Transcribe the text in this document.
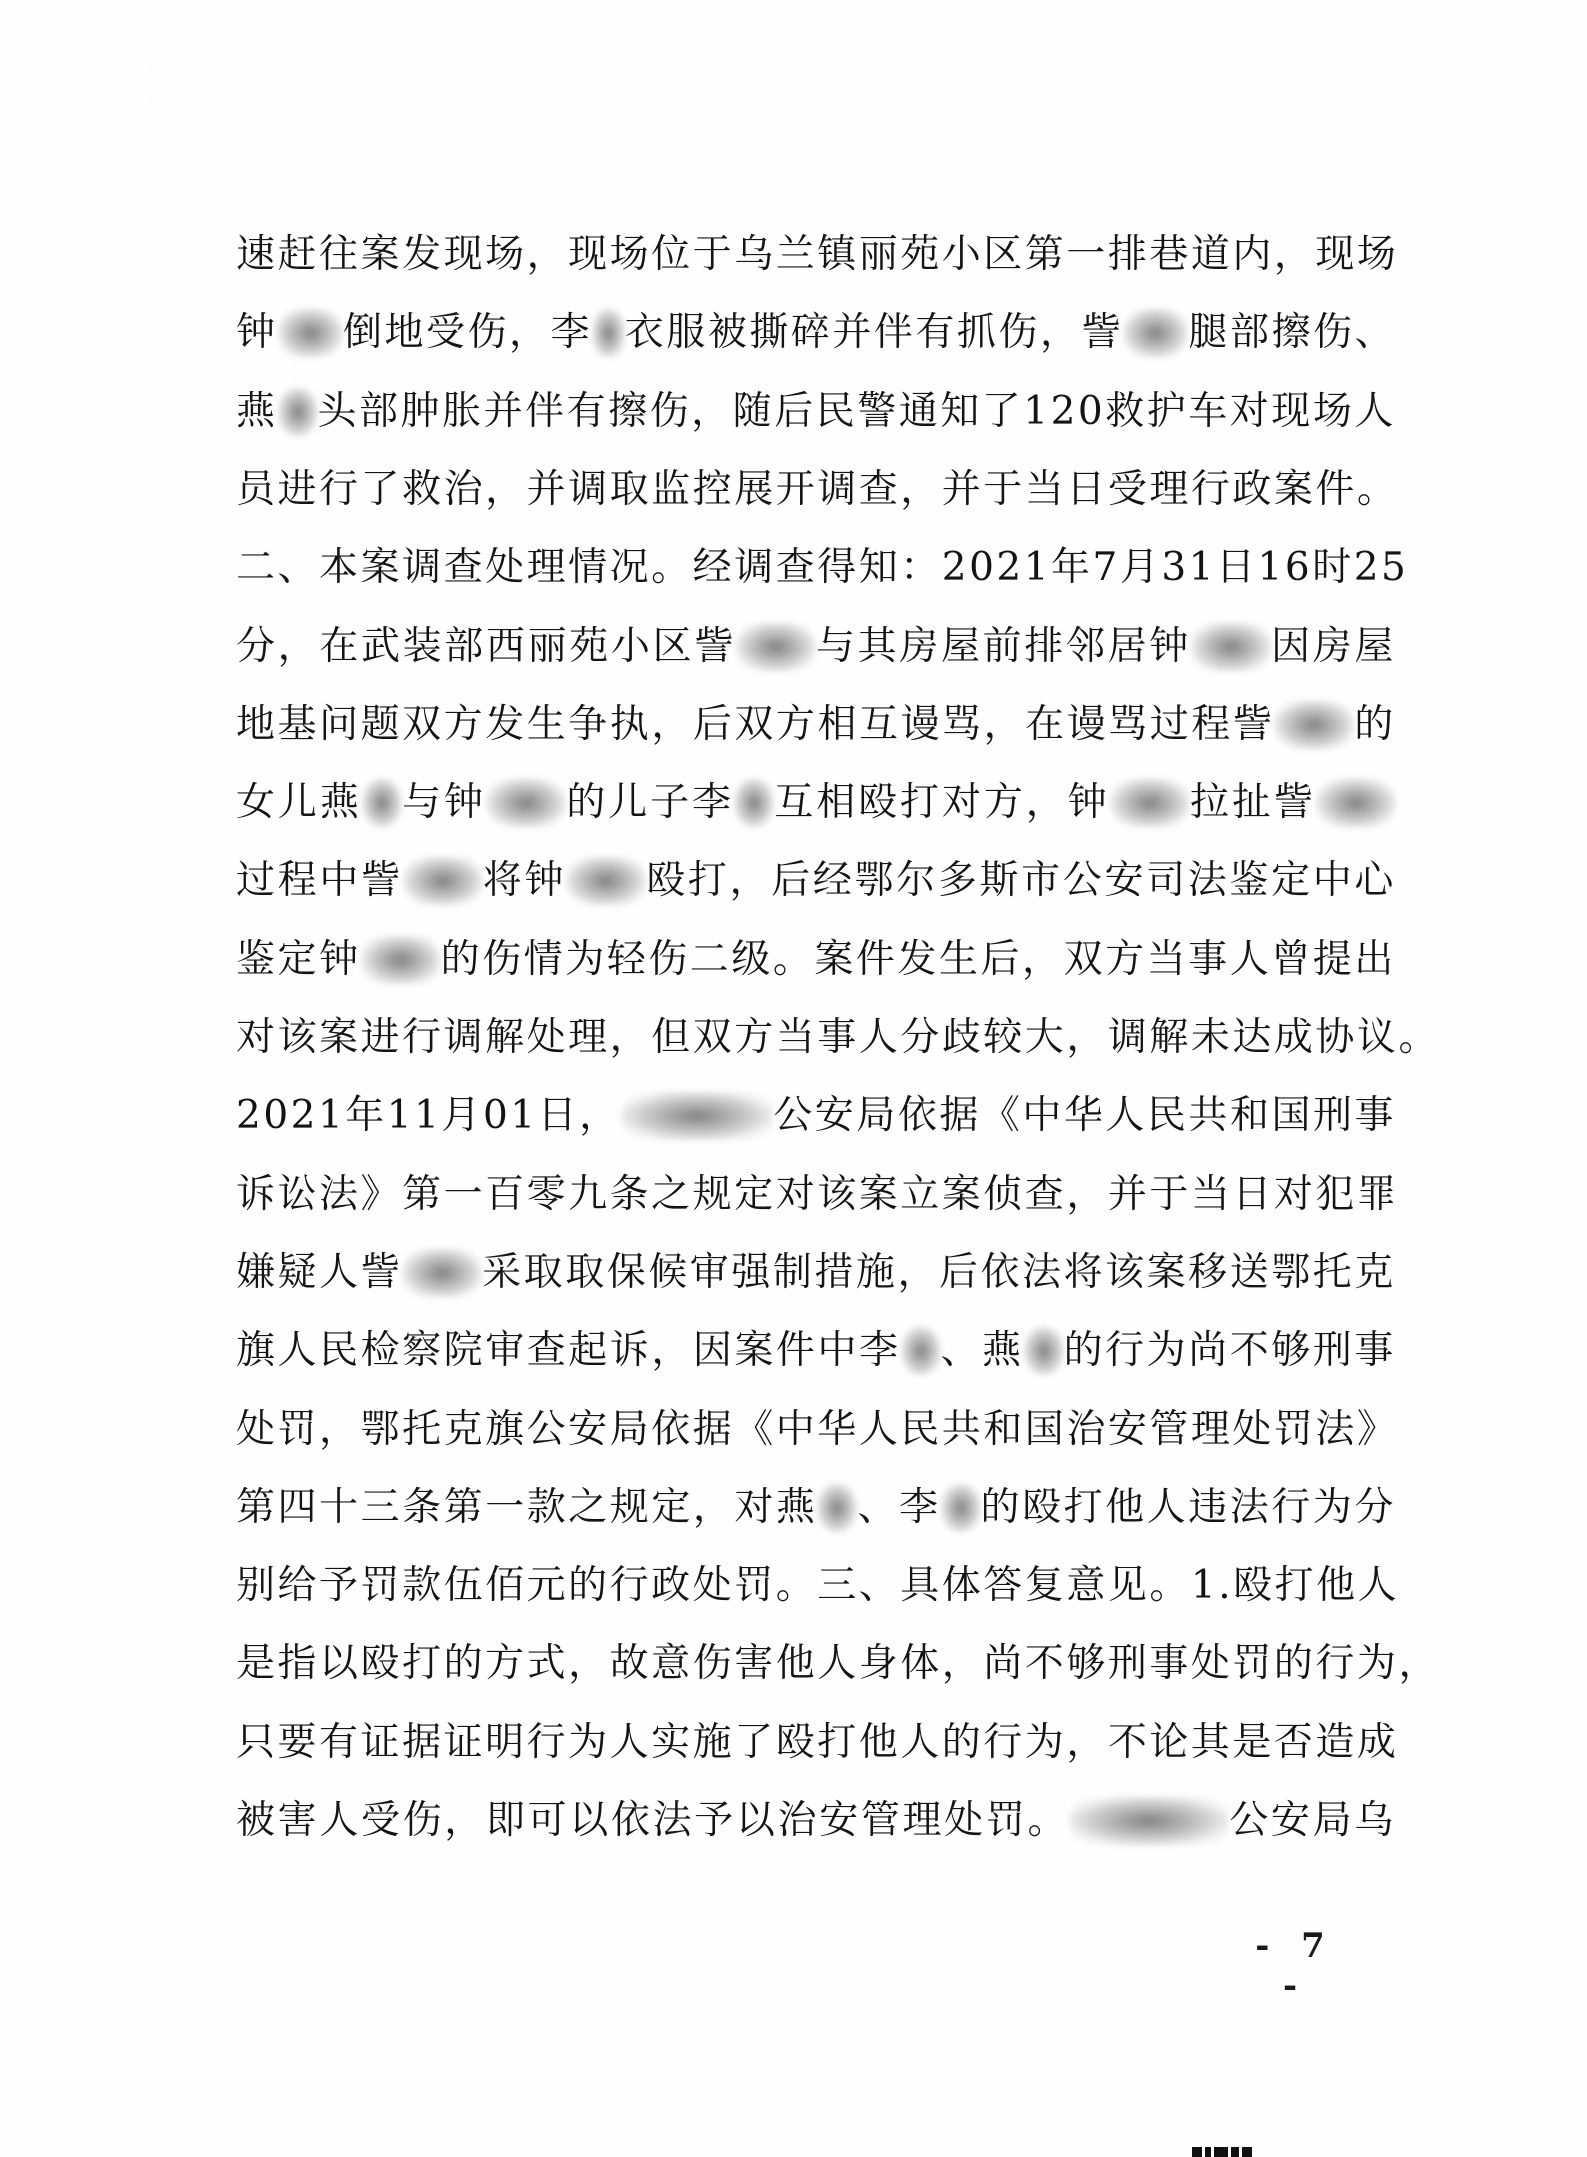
速 赶 往 案 发 现 场 ， 现 场 位 于 乌 兰 镇 丽 苑 小 区 第 一 排 巷 道 内 ， 现 场
钟 倒 地 受 伤 ， 李 衣 服 被 撕 碎 并 伴 有 抓 伤 ， 訾 腿 部 擦 伤 、
燕 头 部 肿 胀 并 伴 有 擦 伤 ， 随 后 民 警 通 知 了 120 救 护 车 对 现 场 人
员 进 行 了 救 治 ， 并 调 取 监 控 展 开 调 查 ， 并 于 当 日 受 理 行 政 案 件 。
二 、 本 案 调 查 处 理 情 况 。 经 调 查 得 知 ： 2021 年 7 月 31 日 16 时 25
分 ， 在 武 装 部 西 丽 苑 小 区 訾 与 其 房 屋 前 排 邻 居 钟 因 房 屋
地 基 问 题 双 方 发 生 争 执 ， 后 双 方 相 互 谩 骂 ， 在 谩 骂 过 程 訾 的
女 儿 燕 与 钟 的 儿 子 李 互 相 殴 打 对 方 ， 钟 拉 扯 訾
过 程 中 訾 将 钟 殴 打 ， 后 经 鄂 尔 多 斯 市 公 安 司 法 鉴 定 中 心
鉴 定 钟 的 伤 情 为 轻 伤 二 级 。 案 件 发 生 后 ， 双 方 当 事 人 曾 提 出
对 该 案 进 行 调 解 处 理 ， 但 双 方 当 事 人 分 歧 较 大 ， 调 解 未 达 成 协 议 。
2021 年 11 月 01 日 ，	公 安 局 依 据 《 中 华 人 民 共 和 国 刑 事
诉 讼 法 》 第 一 百 零 九 条 之 规 定 对 该 案 立 案 侦 查 ， 并 于 当 日 对 犯 罪
嫌 疑 人 訾 采 取 取 保 候 审 强 制 措 施 ， 后 依 法 将 该 案 移 送 鄂 托 克
旗 人 民 检 察 院 审 查 起 诉 ， 因 案 件 中 李 、 燕 的 行 为 尚 不 够 刑 事
处 罚 ， 鄂 托 克 旗 公 安 局 依 据 《 中 华 人 民 共 和 国 治 安 管 理 处 罚 法 》
第 四 十 三 条 第 一 款 之 规 定 ， 对 燕 、 李 的 殴 打 他 人 违 法 行 为 分
别 给 予 罚 款 伍 佰 元 的 行 政 处 罚 。 三 、 具 体 答 复 意 见 。 1 . 殴 打 他 人
是 指 以 殴 打 的 方 式 ， 故 意 伤 害 他 人 身 体 ， 尚 不 够 刑 事 处 罚 的 行 为 ，
只 要 有 证 据 证 明 行 为 人 实 施 了 殴 打 他 人 的 行 为 ， 不 论 其 是 否 造 成
被 害 人 受 伤 ， 即 可 以 依 法 予 以 治 安 管 理 处 罚 。	公 安 局 乌
- 7 -
